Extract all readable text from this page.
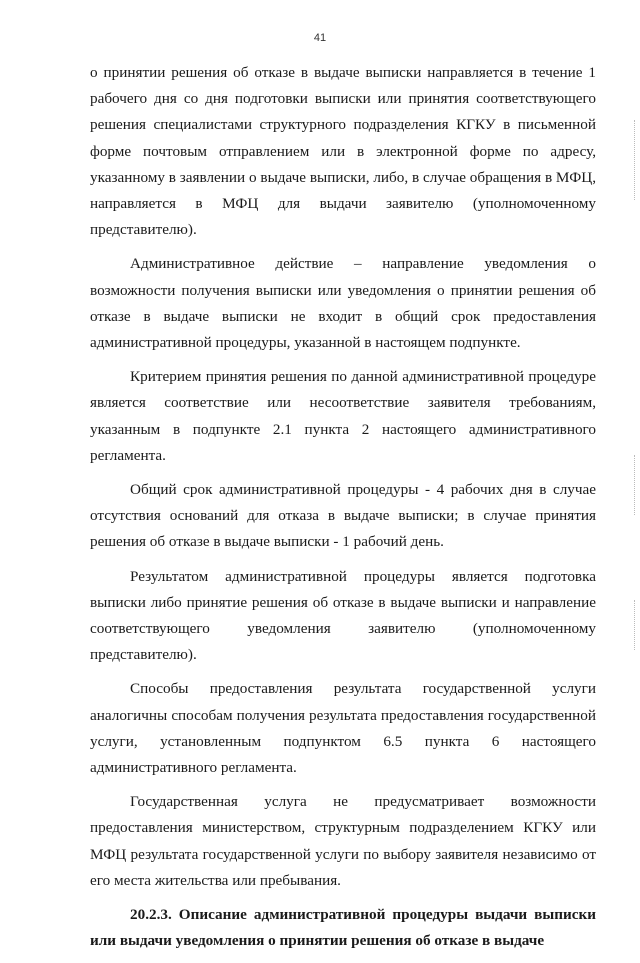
41

о принятии решения об отказе в выдаче выписки направляется в течение 1 рабочего дня со дня подготовки выписки или принятия соответствующего решения специалистами структурного подразделения КГКУ в письменной форме почтовым отправлением или в электронной форме по адресу, указанному в заявлении о выдаче выписки, либо, в случае обращения в МФЦ, направляется в МФЦ для выдачи заявителю (уполномоченному представителю).

Административное действие – направление уведомления о возможности получения выписки или уведомления о принятии решения об отказе в выдаче выписки не входит в общий срок предоставления административной процедуры, указанной в настоящем подпункте.

Критерием принятия решения по данной административной процедуре является соответствие или несоответствие заявителя требованиям, указанным в подпункте 2.1 пункта 2 настоящего административного регламента.

Общий срок административной процедуры - 4 рабочих дня в случае отсутствия оснований для отказа в выдаче выписки; в случае принятия решения об отказе в выдаче выписки - 1 рабочий день.

Результатом административной процедуры является подготовка выписки либо принятие решения об отказе в выдаче выписки и направление соответствующего уведомления заявителю (уполномоченному представителю).

Способы предоставления результата государственной услуги аналогичны способам получения результата предоставления государственной услуги, установленным подпунктом 6.5 пункта 6 настоящего административного регламента.

Государственная услуга не предусматривает возможности предоставления министерством, структурным подразделением КГКУ или МФЦ результата государственной услуги по выбору заявителя независимо от его места жительства или пребывания.

20.2.3. Описание административной процедуры выдачи выписки или выдачи уведомления о принятии решения об отказе в выдаче
